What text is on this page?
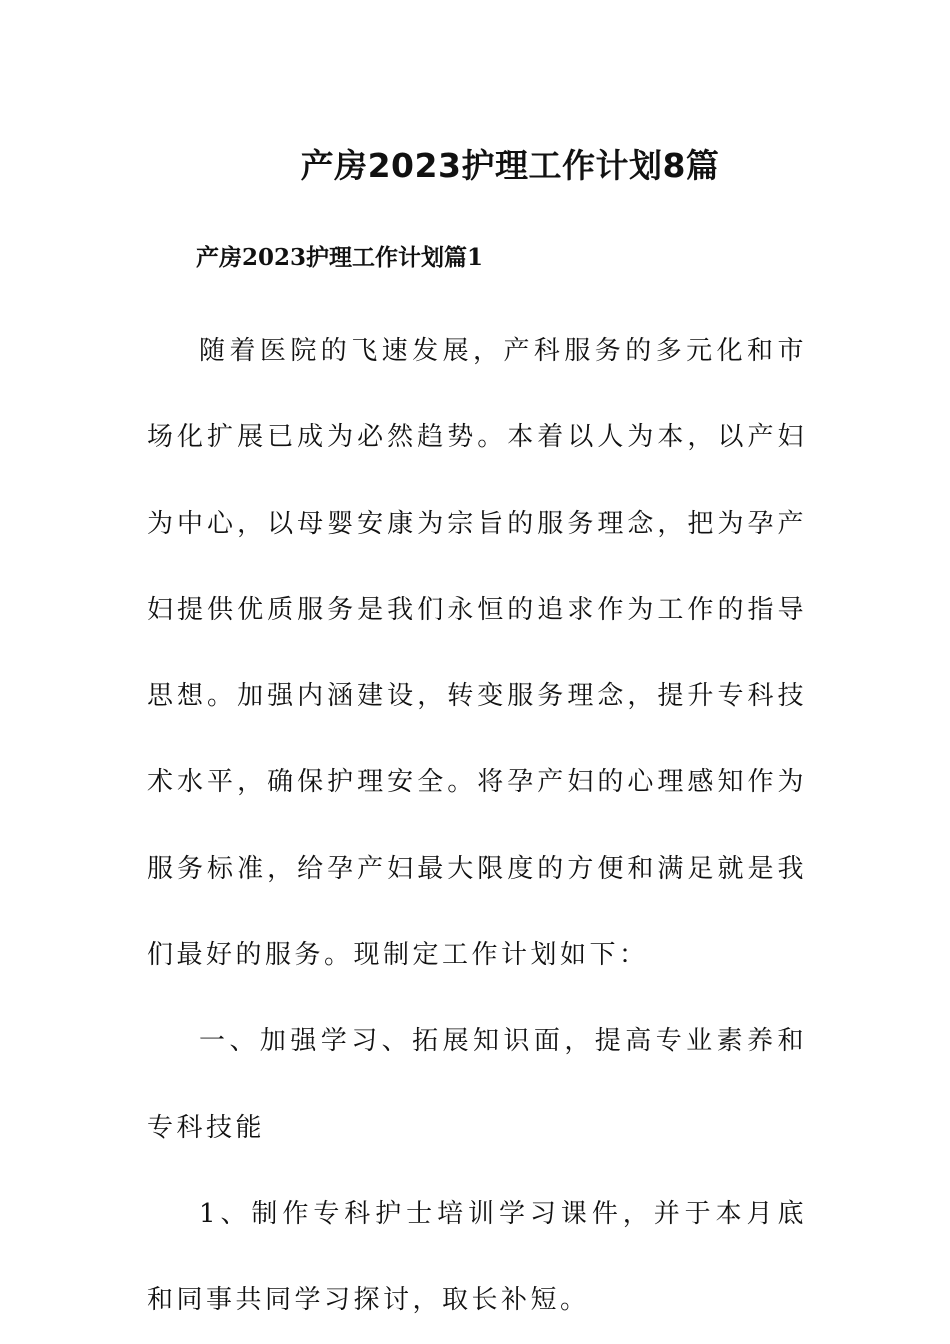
产房2023护理工作计划8篇
产房2023护理工作计划篇1

随着医院的飞速发展，产科服务的多元化和市场化扩展已成为必然趋势。本着以人为本，以产妇为中心，以母婴安康为宗旨的服务理念，把为孕产妇提供优质服务是我们永恒的追求作为工作的指导思想。加强内涵建设，转变服务理念，提升专科技术水平，确保护理安全。将孕产妇的心理感知作为服务标准，给孕产妇最大限度的方便和满足就是我们最好的服务。现制定工作计划如下：

一、加强学习、拓展知识面，提高专业素养和专科技能

1、制作专科护士培训学习课件，并于本月底和同事共同学习探讨，取长补短。
